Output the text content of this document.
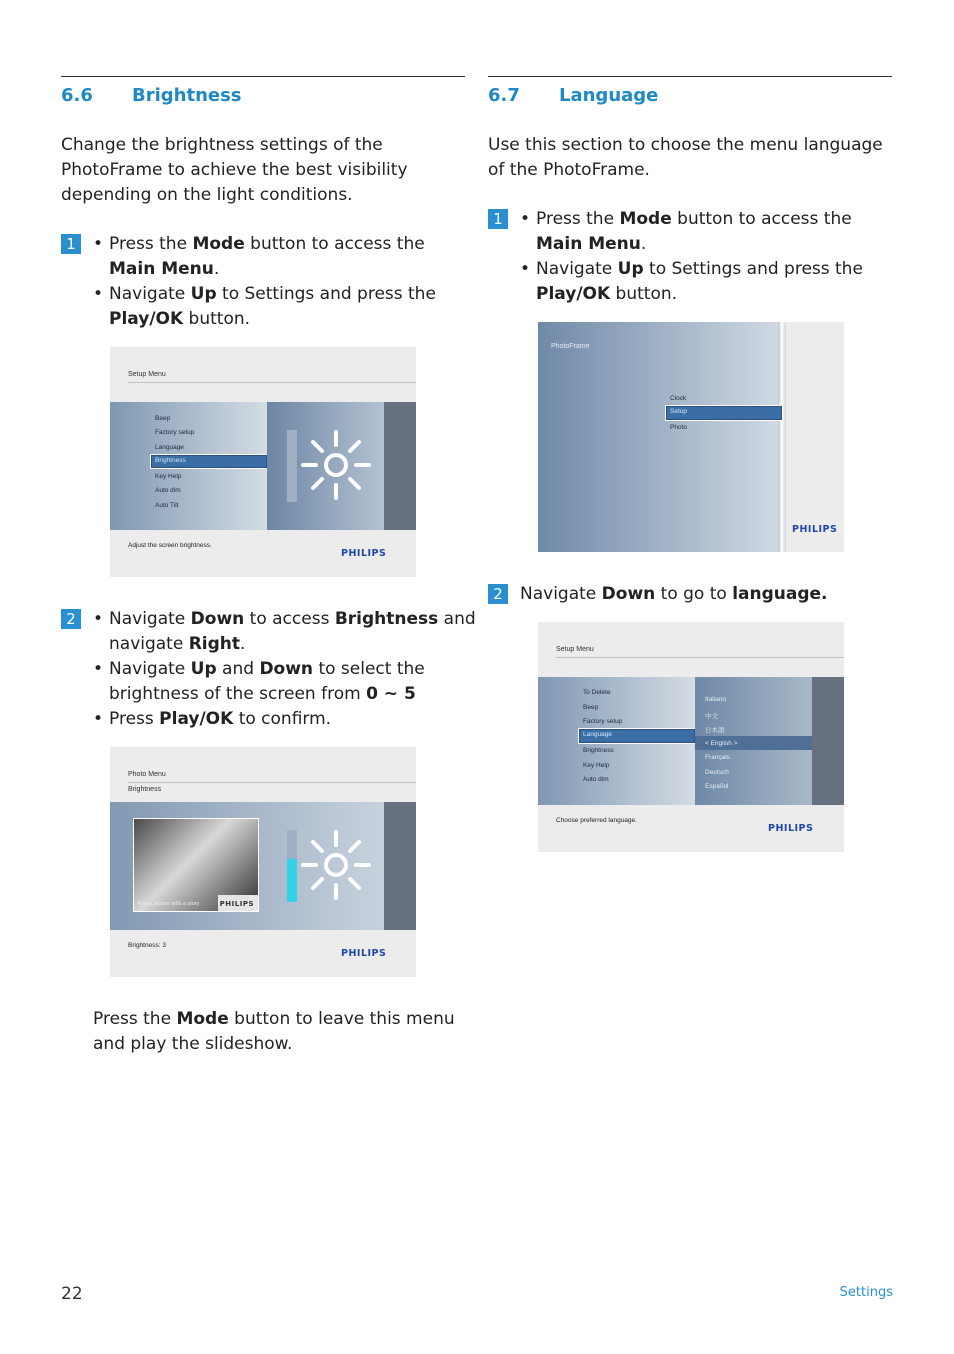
6.6 Brightness
Change the brightness settings of the PhotoFrame to achieve the best visibility depending on the light conditions.
1	• Press the Mode button to access the Main Menu.
• Navigate Up to Settings and press the Play/OK button.
Setup Menu
Beep
Factory setup
Language
Brightness
Key Help
Auto dim
Auto Tilt
Adjust the screen brightness.
PHILIPS
2	• Navigate Down to access Brightness and navigate Right.
• Navigate Up and Down to select the brightness of the screen from 0 ~ 5
• Press Play/OK to confirm.
Photo Menu
Brightness
Every picture tells a story	PHILIPS
Brightness: 3
PHILIPS
Press the Mode button to leave this menu and play the slideshow.
6.7 Language
Use this section to choose the menu language of the PhotoFrame.
1	• Press the Mode button to access the Main Menu.
• Navigate Up to Settings and press the Play/OK button.
PhotoFrame
Clock
Setup
Photo
PHILIPS
2	Navigate Down to go to language.
Setup Menu
To Delete
Beep
Factory setup
Language
Brightness
Key Help
Auto dim
Italiano
中文
日本語
< English >
Français
Deutsch
Español
Choose preferred language.
PHILIPS
22	Settings
